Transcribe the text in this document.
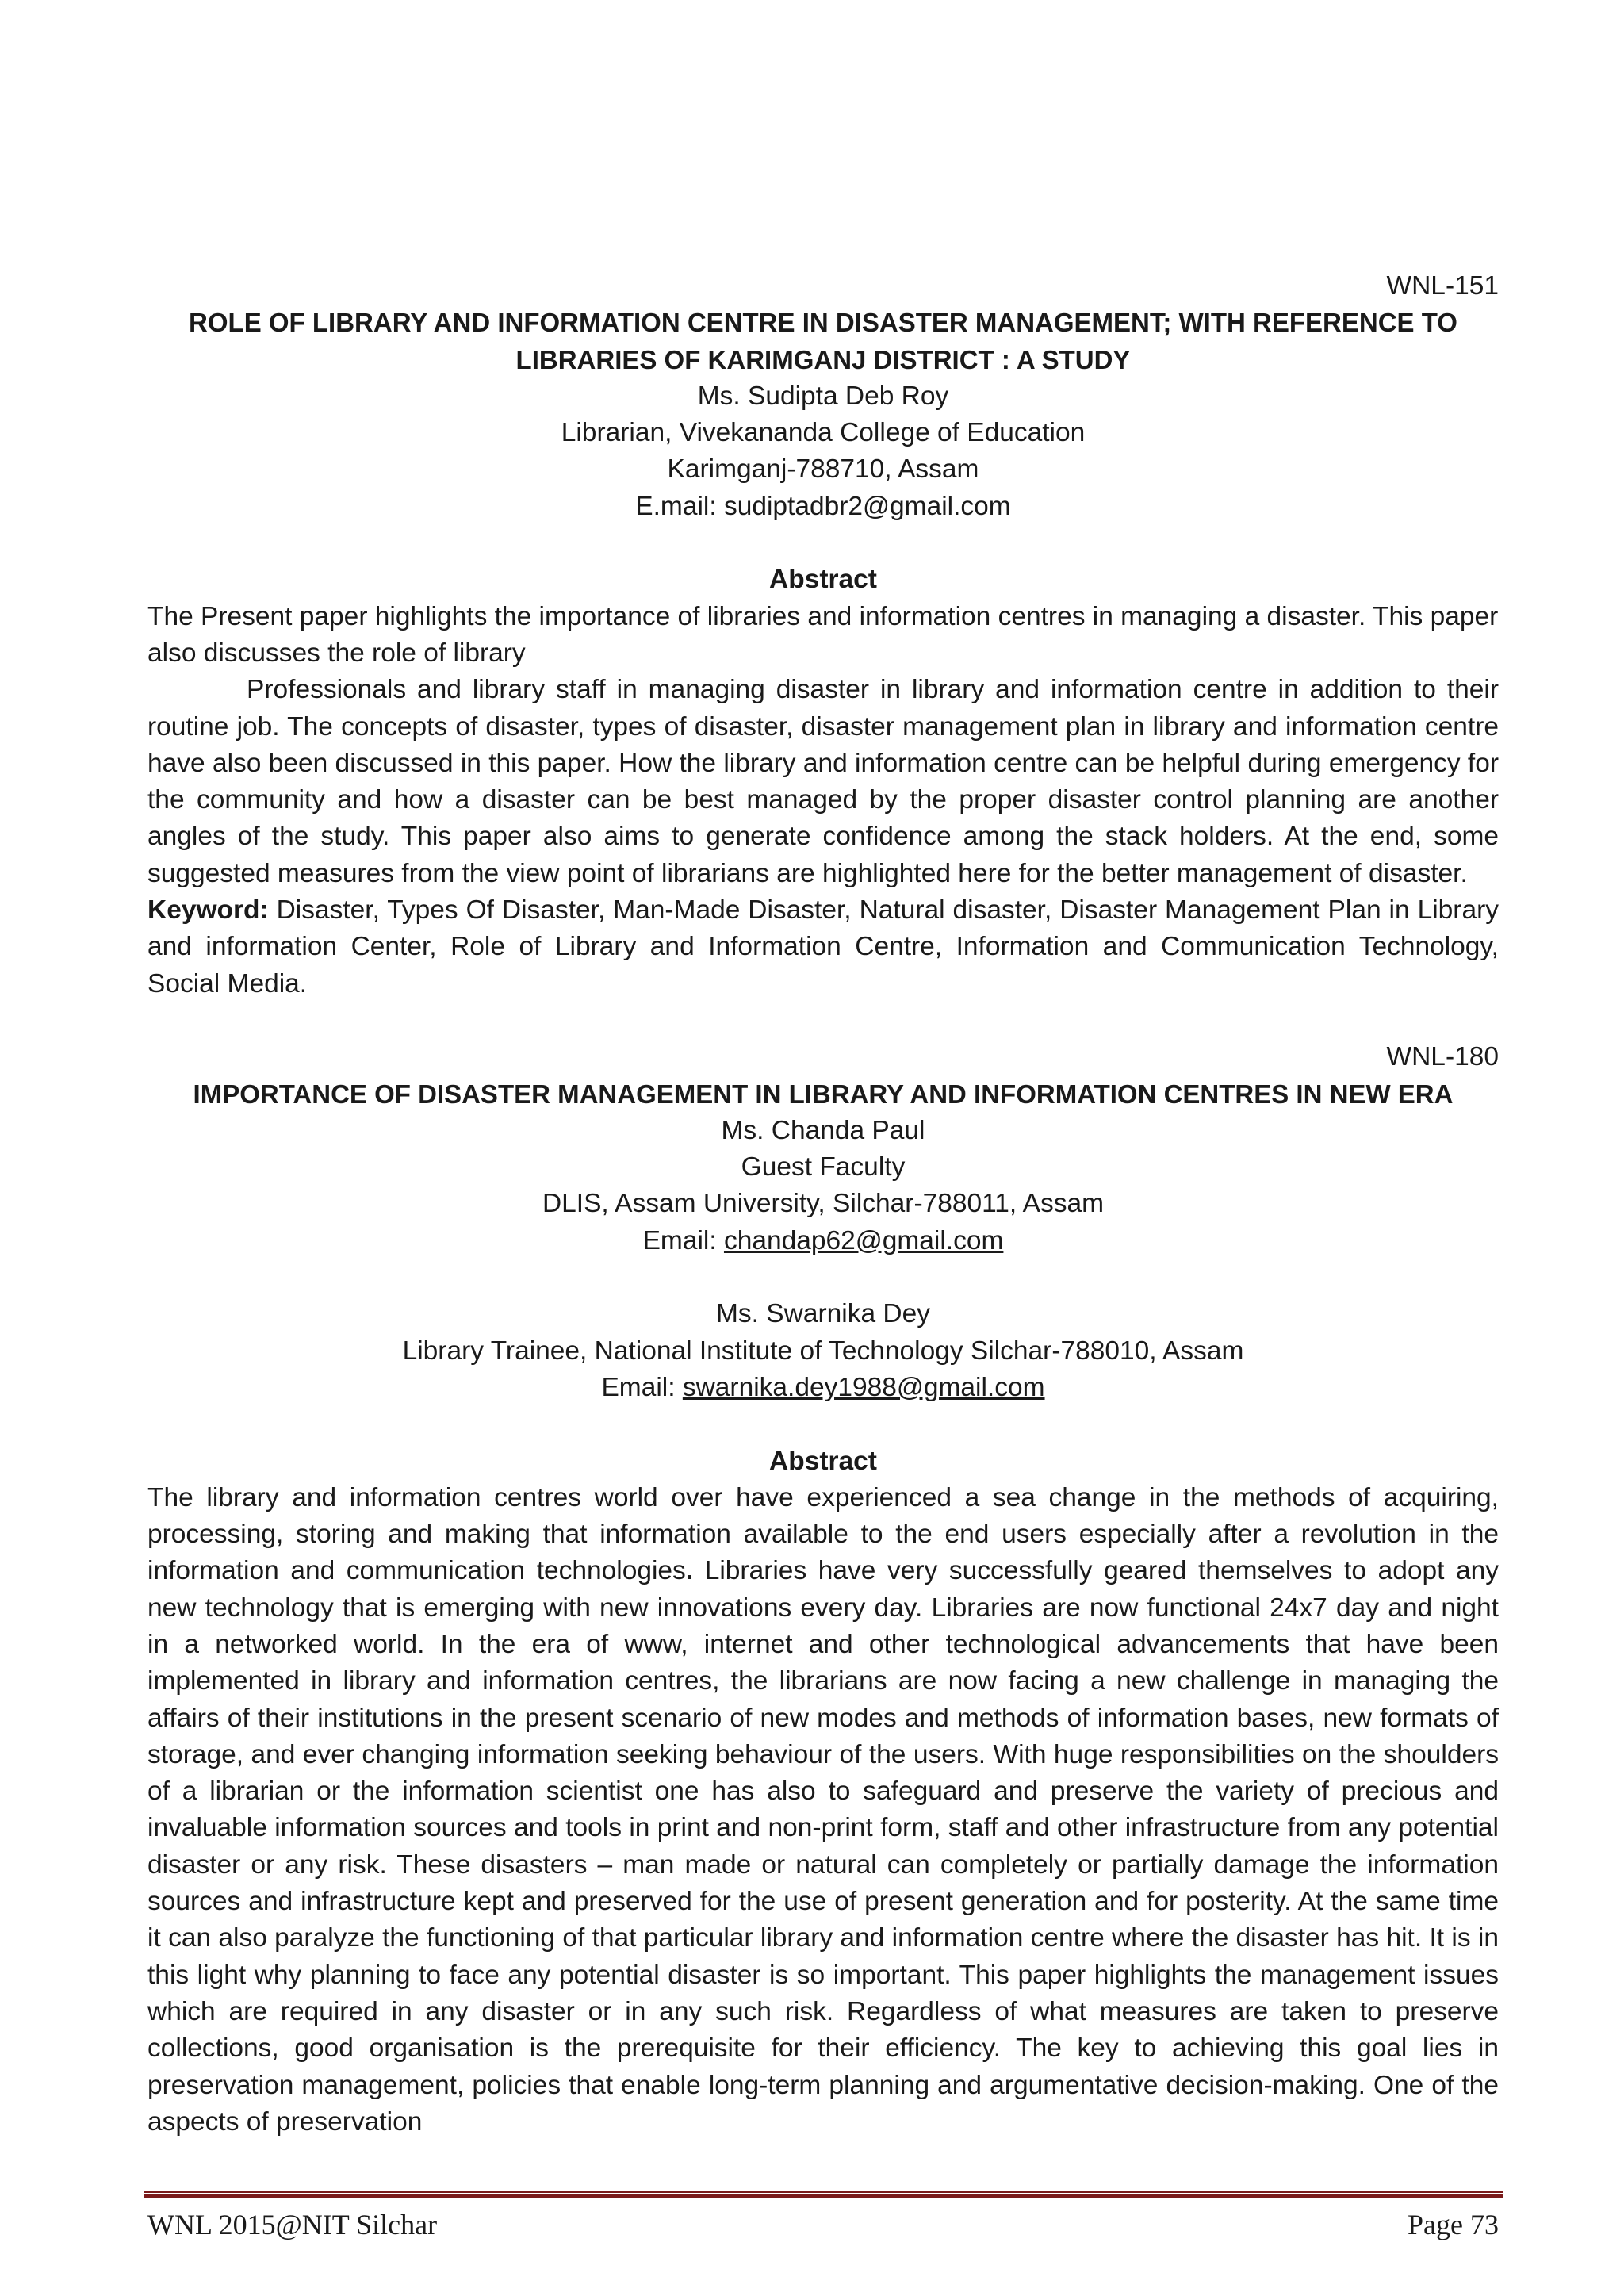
WNL-151
ROLE OF LIBRARY AND INFORMATION CENTRE IN DISASTER MANAGEMENT; WITH REFERENCE TO
LIBRARIES OF KARIMGANJ DISTRICT : A STUDY
Ms. Sudipta Deb Roy
Librarian, Vivekananda College of Education
Karimganj-788710, Assam
E.mail: sudiptadbr2@gmail.com
Abstract
The Present paper highlights the importance of libraries and information centres in managing a disaster. This paper also discusses the role of library
Professionals and library staff in managing disaster in library and information centre in addition to their routine job. The concepts of disaster, types of disaster, disaster management plan in library and information centre have also been discussed in this paper. How the library and information centre can be helpful during emergency for the community and how a disaster can be best managed by the proper disaster control planning are another angles of the study. This paper also aims to generate confidence among the stack holders. At the end, some suggested measures from the view point of librarians are highlighted here for the better management of disaster.
Keyword: Disaster, Types Of Disaster, Man-Made Disaster, Natural disaster, Disaster Management Plan in Library and information Center, Role of Library and Information Centre, Information and Communication Technology, Social Media.
WNL-180
IMPORTANCE OF DISASTER MANAGEMENT IN LIBRARY AND INFORMATION CENTRES IN NEW ERA
Ms. Chanda Paul
Guest Faculty
DLIS, Assam University, Silchar-788011, Assam
Email: chandap62@gmail.com
Ms. Swarnika Dey
Library Trainee, National Institute of Technology Silchar-788010, Assam
Email: swarnika.dey1988@gmail.com
Abstract
The library and information centres world over have experienced a sea change in the methods of acquiring, processing, storing and making that information available to the end users especially after a revolution in the information and communication technologies. Libraries have very successfully geared themselves to adopt any new technology that is emerging with new innovations every day. Libraries are now functional 24x7 day and night in a networked world. In the era of www, internet and other technological advancements that have been implemented in library and information centres, the librarians are now facing a new challenge in managing the affairs of their institutions in the present scenario of new modes and methods of information bases, new formats of storage, and ever changing information seeking behaviour of the users. With huge responsibilities on the shoulders of a librarian or the information scientist one has also to safeguard and preserve the variety of precious and invaluable information sources and tools in print and non-print form, staff and other infrastructure from any potential disaster or any risk. These disasters – man made or natural can completely or partially damage the information sources and infrastructure kept and preserved for the use of present generation and for posterity. At the same time it can also paralyze the functioning of that particular library and information centre where the disaster has hit. It is in this light why planning to face any potential disaster is so important. This paper highlights the management issues which are required in any disaster or in any such risk. Regardless of what measures are taken to preserve collections, good organisation is the prerequisite for their efficiency. The key to achieving this goal lies in preservation management, policies that enable long-term planning and argumentative decision-making. One of the aspects of preservation
WNL 2015@NIT Silchar	Page 73
